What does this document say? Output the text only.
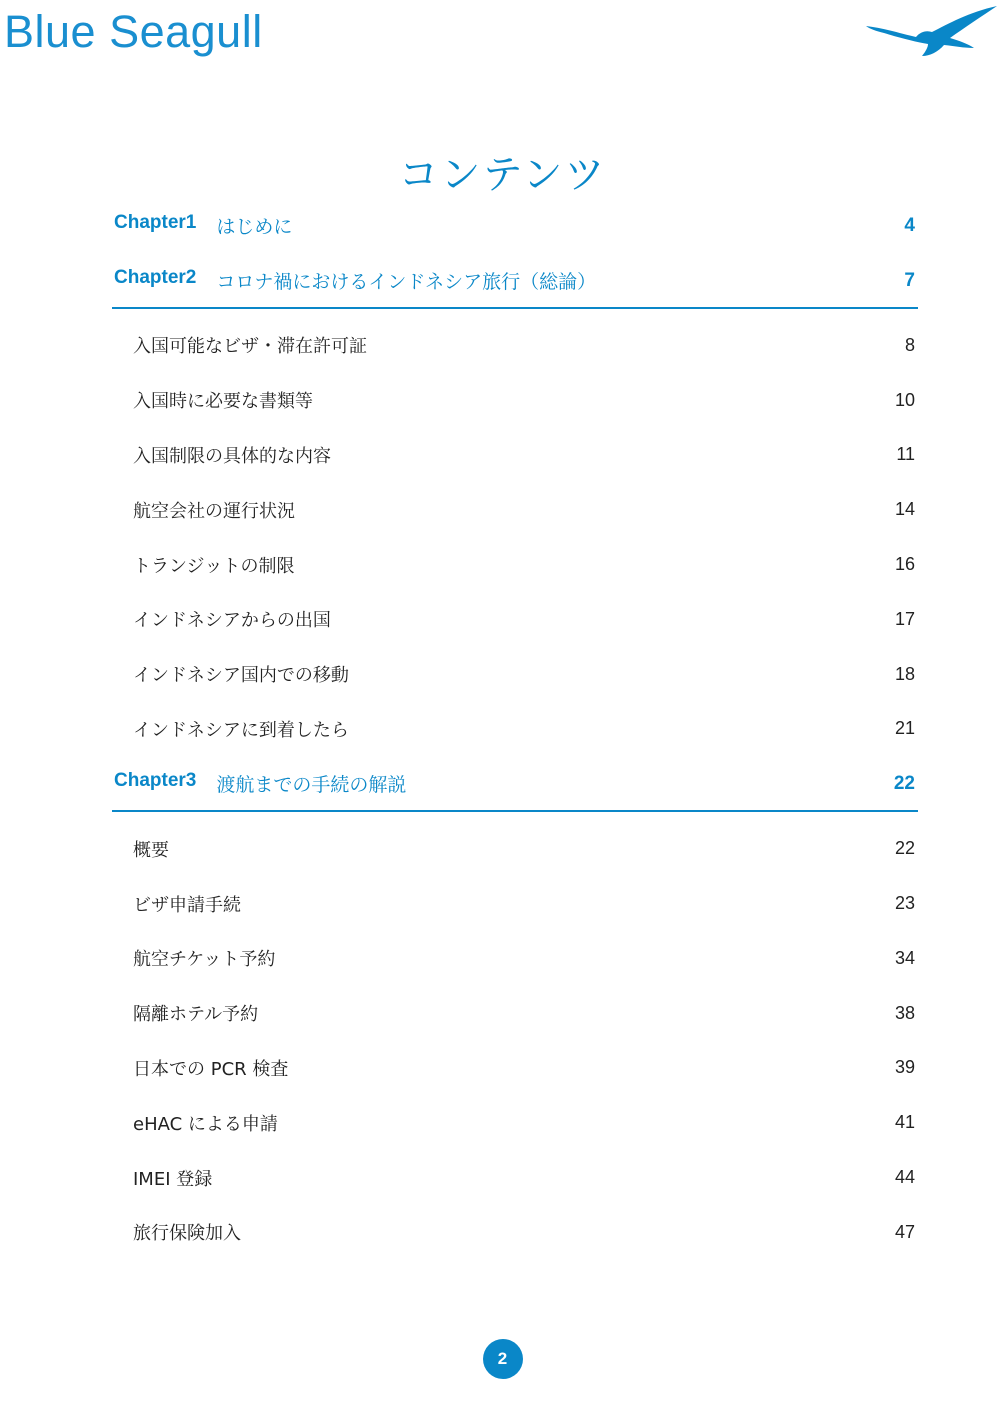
Blue Seagull
コンテンツ
Chapter1 はじめに	4
Chapter2 コロナ禍におけるインドネシア旅行（総論）	7
入国可能なビザ・滞在許可証	8
入国時に必要な書類等	10
入国制限の具体的な内容	11
航空会社の運行状況	14
トランジットの制限	16
インドネシアからの出国	17
インドネシア国内での移動	18
インドネシアに到着したら	21
Chapter3 渡航までの手続の解説	22
概要	22
ビザ申請手続	23
航空チケット予約	34
隔離ホテル予約	38
日本での PCR 検査	39
eHAC による申請	41
IMEI 登録	44
旅行保険加入	47
2
